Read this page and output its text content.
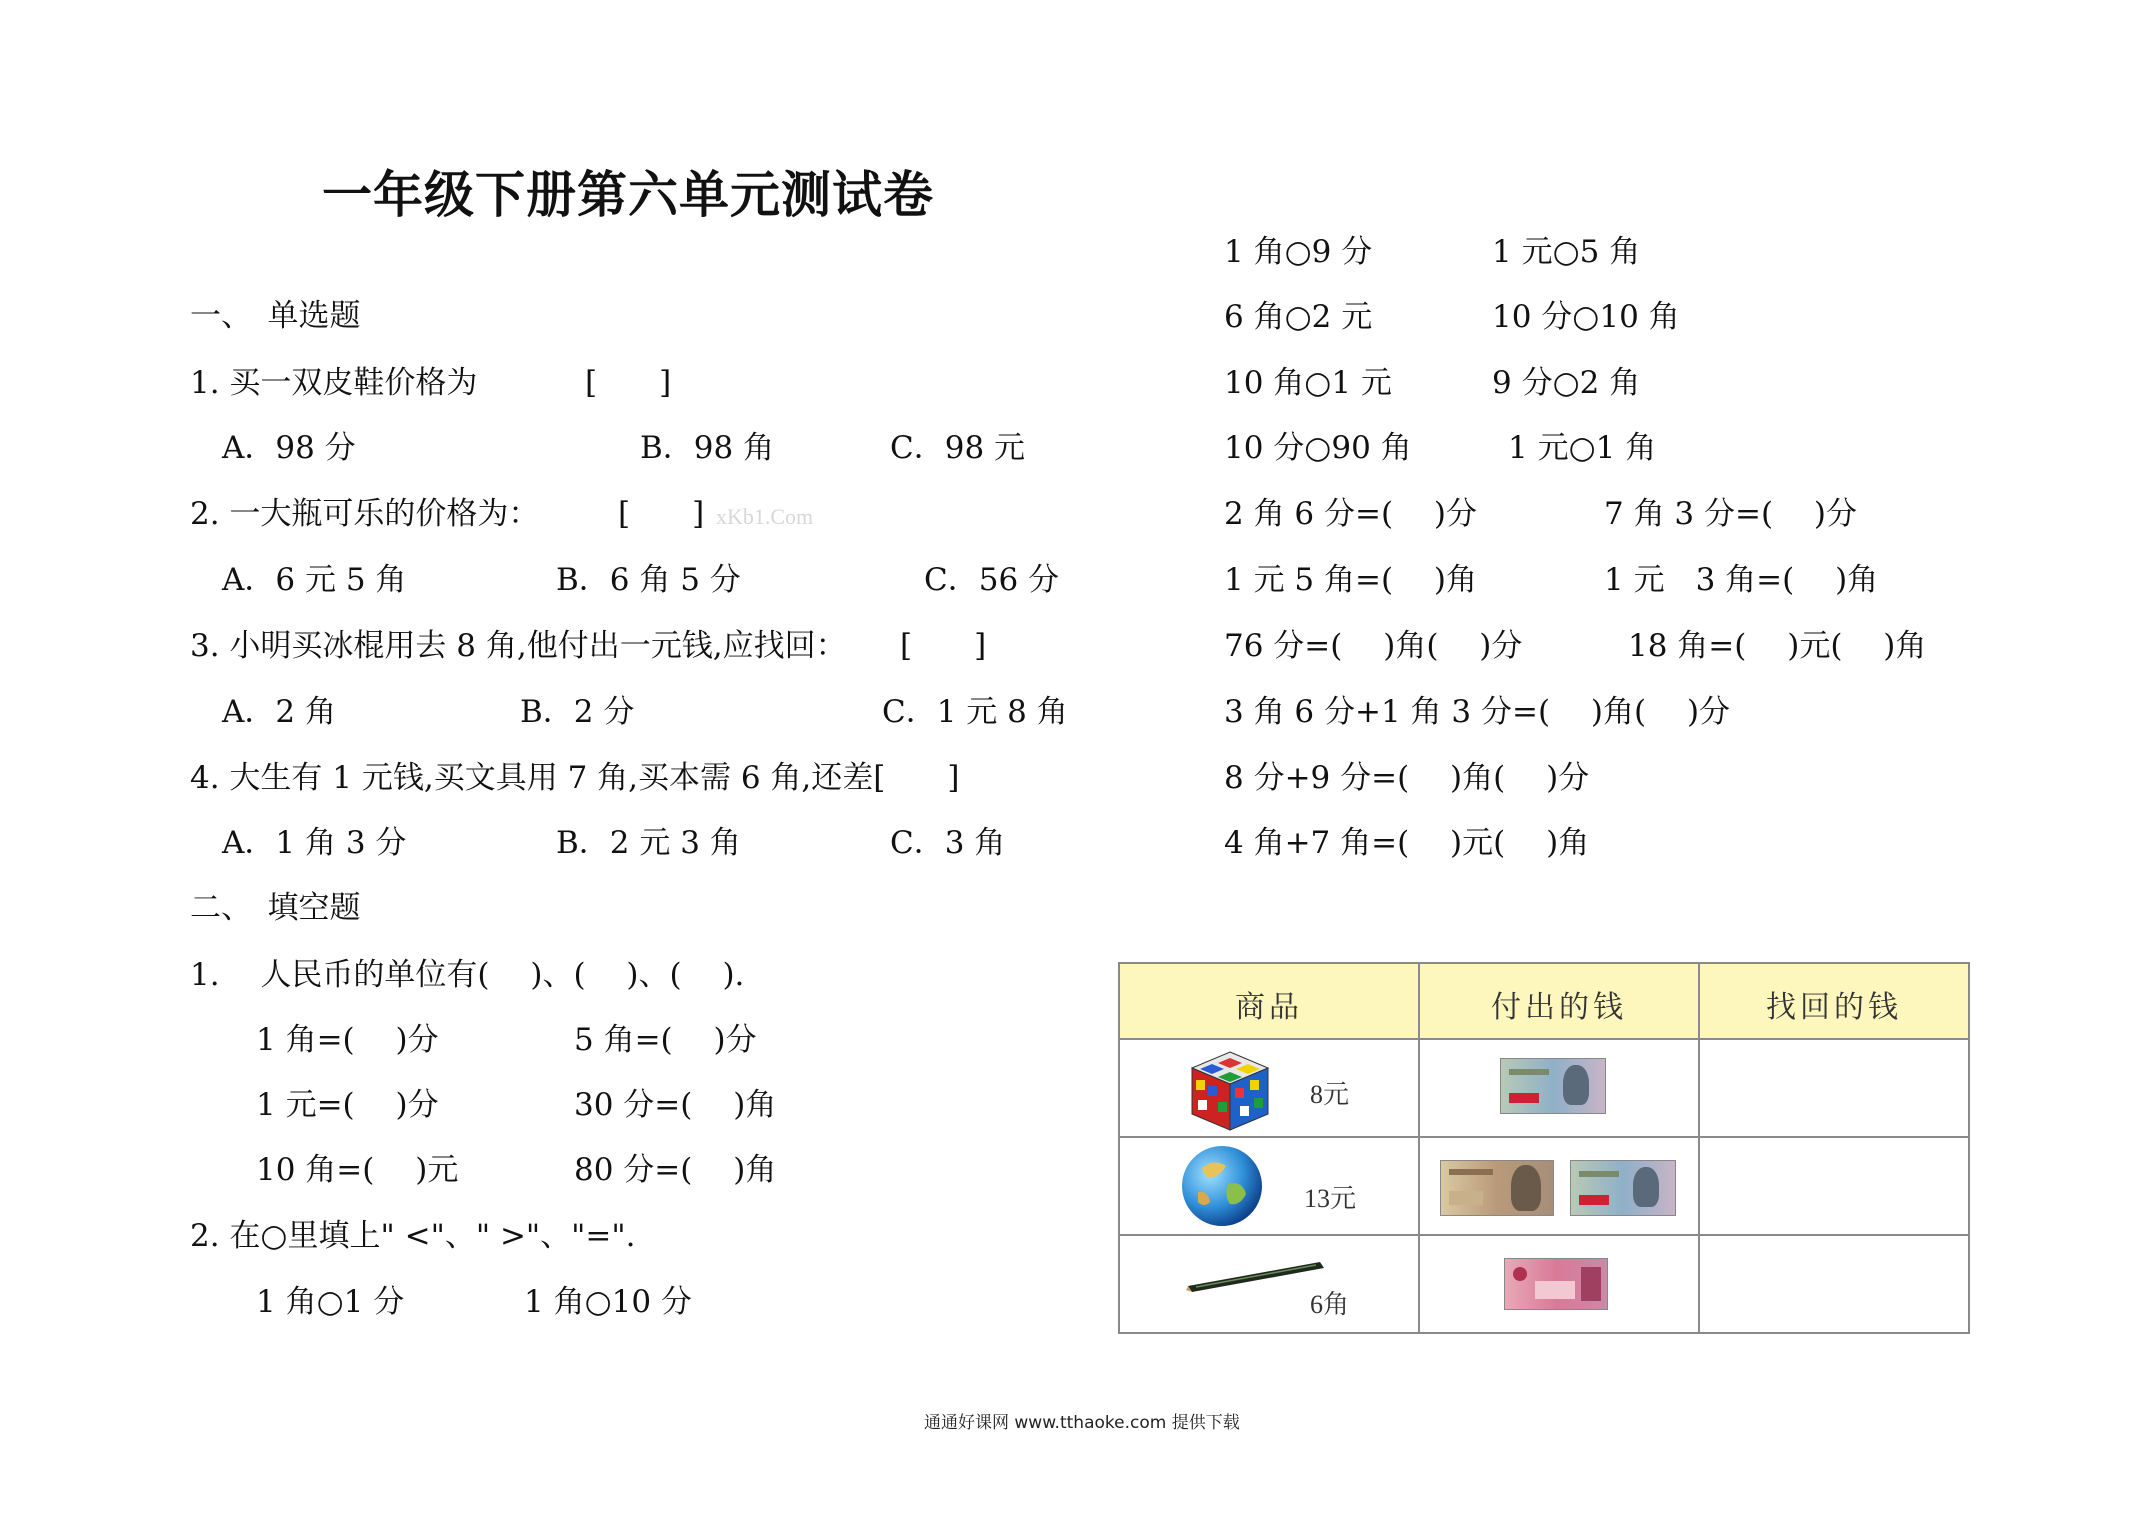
一年级下册第六单元测试卷
一、　单选题
1. 买一双皮鞋价格为	[　　]
A．98 分	B．98 角	C．98 元
2. 一大瓶可乐的价格为：	[　　] xKb1.Com
A．6 元 5 角	B．6 角 5 分	C．56 分
3. 小明买冰棍用去 8 角,他付出一元钱,应找回： [　　]
A．2 角	B．2 分	C．1 元 8 角
4. 大生有 1 元钱,买文具用 7 角,买本需 6 角,还差[　　]
A．1 角 3 分	B．2 元 3 角	C．3 角
二、　填空题
1.　 人民币的单位有(　 )、(　 )、(　 ).
1 角=(　 )分	5 角=(　 )分
1 元=(　 )分	30 分=(　 )角
10 角=(　 )元	80 分=(　 )角
2. 在○里填上" <"、" >"、"=".
1 角○1 分	1 角○10 分
1 角○9 分	1 元○5 角
6 角○2 元	10 分○10 角
10 角○1 元	9 分○2 角
10 分○90 角	1 元○1 角
2 角 6 分=(　 )分	7 角 3 分=(　 )分
1 元 5 角=(　 )角	1 元　3 角=(　 )角
76 分=(　 )角(　 )分	18 角=(　 )元(　 )角
3 角 6 分+1 角 3 分=(　 )角(　 )分
8 分+9 分=(　 )角(　 )分
4 角+7 角=(　 )元(　 )角
商品	付出的钱	找回的钱
8元
13元
6角
通通好课网 www.tthaoke.com 提供下载
